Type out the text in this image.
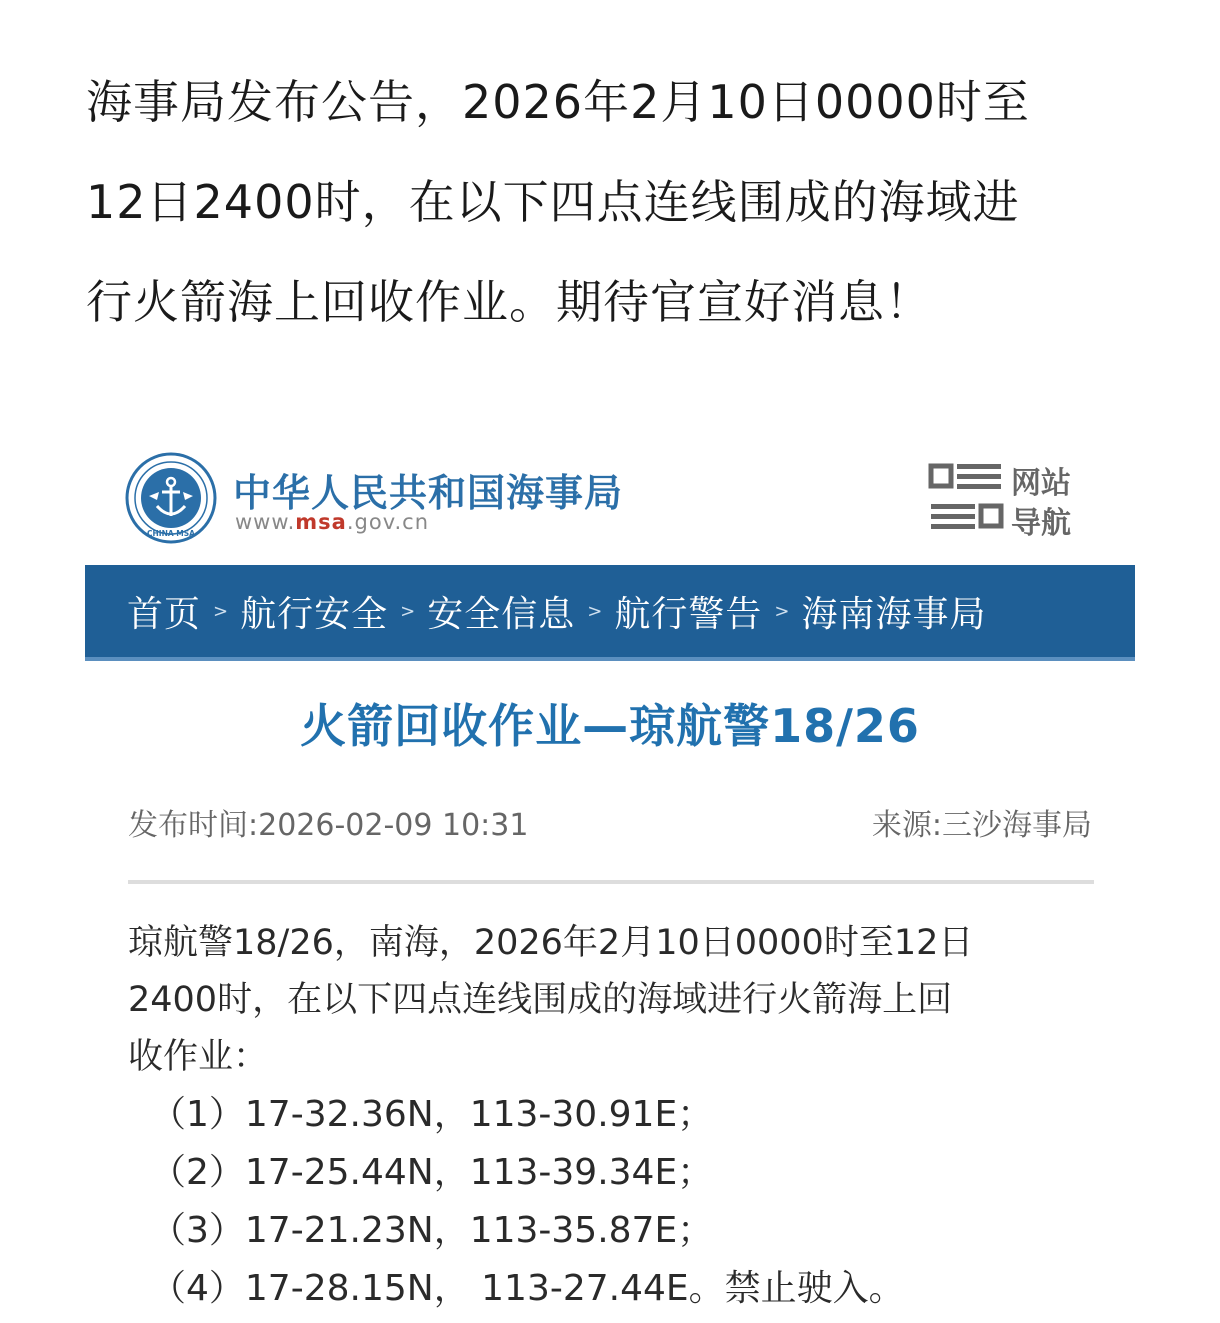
海事局发布公告，2026年2月10日0000时至

12日2400时，在以下四点连线围成的海域进

行火箭海上回收作业。期待官宣好消息！

CHINA MSA
中华人民共和国海事局
www.msa.gov.cn
网站
导航
首页 > 航行安全 > 安全信息 > 航行警告 > 海南海事局
火箭回收作业—琼航警18/26
发布时间:2026-02-09 10:31	来源:三沙海事局

琼航警18/26，南海，2026年2月10日0000时至12日

2400时，在以下四点连线围成的海域进行火箭海上回

收作业：

（1）17-32.36N，113-30.91E；
（2）17-25.44N，113-39.34E；
（3）17-21.23N，113-35.87E；
（4）17-28.15N， 113-27.44E。禁止驶入。
